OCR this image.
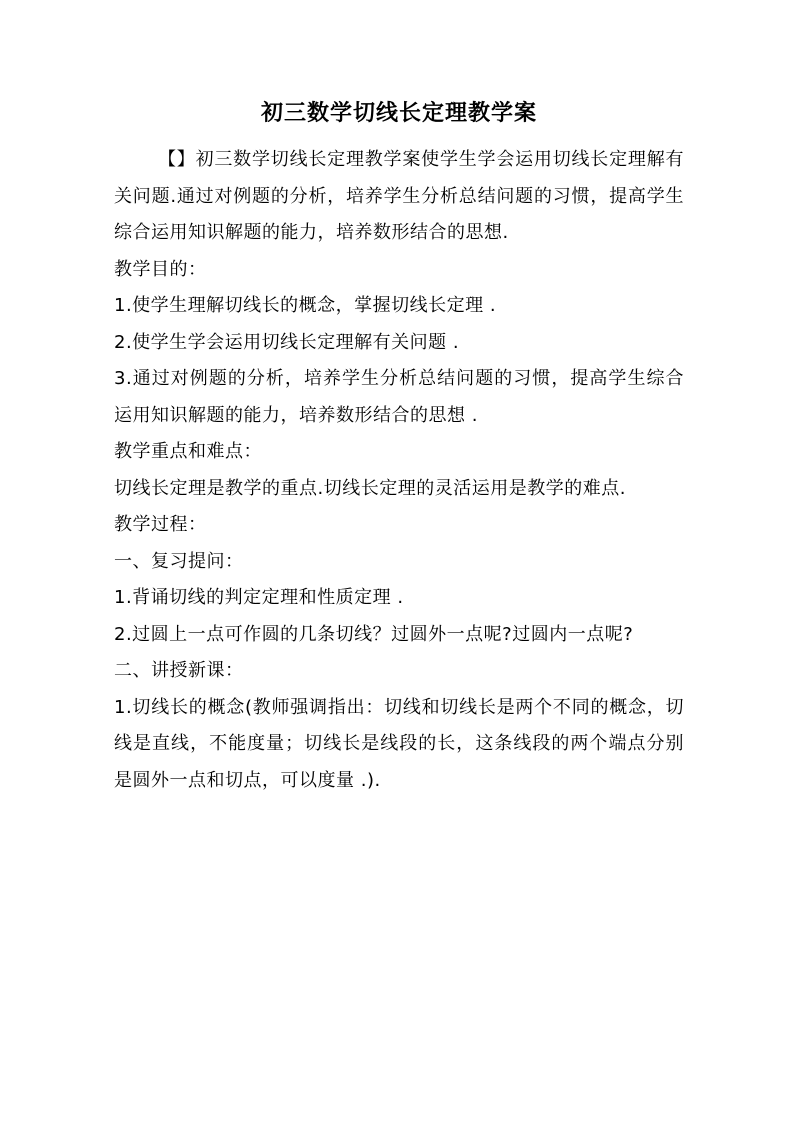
初三数学切线长定理教学案

【】初三数学切线长定理教学案使学生学会运用切线长定理解有关问题.通过对例题的分析，培养学生分析总结问题的习惯，提高学生综合运用知识解题的能力，培养数形结合的思想.

教学目的：

1.使学生理解切线长的概念，掌握切线长定理 .

2.使学生学会运用切线长定理解有关问题 .

3.通过对例题的分析，培养学生分析总结问题的习惯，提高学生综合运用知识解题的能力，培养数形结合的思想 .

教学重点和难点：

切线长定理是教学的重点.切线长定理的灵活运用是教学的难点.

教学过程：

一、复习提问：

1.背诵切线的判定定理和性质定理 .

2.过圆上一点可作圆的几条切线？过圆外一点呢?过圆内一点呢?

二、讲授新课：

1.切线长的概念(教师强调指出：切线和切线长是两个不同的概念，切线是直线，不能度量；切线长是线段的长，这条线段的两个端点分别是圆外一点和切点，可以度量 .).
